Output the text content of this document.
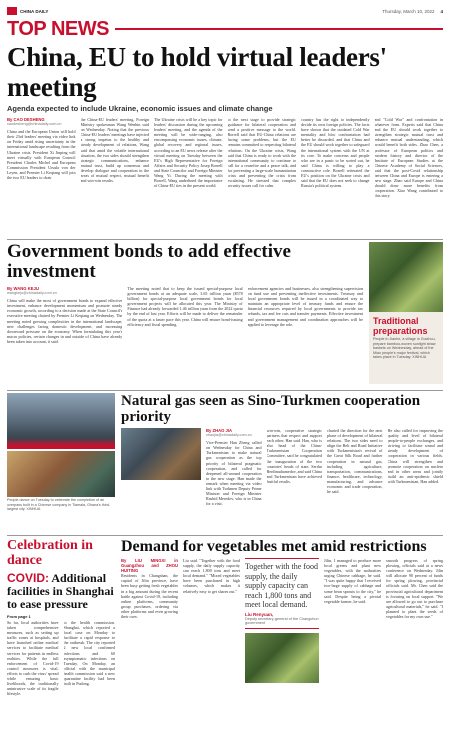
CHINA DAILY	Thursday, March 10, 2022 4
TOP NEWS
China, EU to hold virtual leaders' meeting
Agenda expected to include Ukraine, economic issues and climate change
By CAO DESHENG
caodesheng@chinadaily.com.cn
China and the European Union will hold their 23rd leaders' meeting via video link on Friday amid rising uncertainty in the international landscape resulting from the Ukraine crisis. President Xi Jinping will meet virtually with European Council President Charles Michel and European Commission President Ursula von der Leyen, and Premier Li Keqiang will join the two EU leaders to chair
the China-EU leaders' meeting, Foreign Ministry spokesman Wang Wenbin said on Wednesday. Noting that the previous China-EU leaders' meetings have injected a strong impetus to the healthy and steady development of relations, Wang said that amid the volatile international situation, the two sides should strengthen strategic communications, enhance mutual trust, build up consensus and develop dialogue and cooperation in the areas of mutual respect, mutual benefit and win-win results.
The Ukraine crisis will be a key topic for leaders' discussion during the upcoming leaders' meeting, and the agenda of the meeting will be wide-ranging, also encompassing economic issues, climate, global recovery and regional issues, according to an EU news release after the virtual meeting on Tuesday between the EU's High Representative for Foreign Affairs and Security Policy Josep Borrell and State Councilor and Foreign Minister Wang Yi. During the meeting with Borrell, Wang underlined the importance of China-EU ties in the present world.
to the next stage to provide strategic guidance for bilateral cooperation and send a positive message to the world. Borrell said that EU-China relations are facing some problems, but the EU remains committed to respecting bilateral relations. On the Ukraine crisis, Wang said that China is ready to work with the international community to continue to call for a ceasefire and a peace talk, and for preventing a large-scale humanitarian crisis and preventing the crisis from escalating. He stressed that complex security issues call for calm.
country has the right to independently decide its own foreign policies. The facts have shown that the outdated Cold War mentality and bloc confrontation had better be discarded, and that China and the EU should work together to safeguard the international system with the UN at its core. To make concerns and people who are in a panic to be sorted out, he said China is willing to play a constructive role. Borrell reiterated the EU's position on the Ukraine crisis and said that the EU does not seek to change Russia's political system.
and "Cold War" and confrontation in whatever form. Experts said that China and the EU should work together to strengthen strategic mutual trust and enhance mutual understanding, which would benefit both sides. Zhao Chen, a professor of European politics and modern history and director of the Institute of European Studies at the Chinese Academy of Social Sciences, said that the post-Covid relationship between China and Europe is entering a new stage. Zhao said Europe and China should draw more benefits from cooperation. Xiao Wang contributed to this story.
Government bonds to add effective investment
By WANG KEJU
wangkeju@chinadaily.com.cn
China will make the most of government bonds to expand effective investment, enhance development momentum and promote steady economic growth, according to a decision made at the State Council's executive meeting chaired by Premier Li Keqiang on Wednesday. The meeting noted growing complexities in the international landscape, new challenges facing domestic development, and increasing downward pressure on the economy. When formulating this year's macro policies, certain changes in and outside of China have already been taken into account, it said.
The meeting noted that to keep the issued special-purpose local government bonds at an adequate scale, 3.65 trillion yuan ($578 billion) for special-purpose local government bonds for local government projects will be allocated this year. The Ministry of Finance had already forwarded 1.46 trillion yuan from the 2022 quota by the end of last year. Efforts will be made to deliver the remainder of the quota at a faster pace this year. China will ensure bond-issuing efficiency and fiscal spending.
enforcement agencies and businesses, also strengthening supervision on fund use and preventing ineffective investments. Treasury and local government bonds will be issued in a coordinated way to maintain an appropriate level of treasury funds and ensure the financial resources required by local governments to provide tax refunds, tax and fee cuts and transfer payments. Effective investment and government management and coordination approaches will be applied to leverage the role.	Traditional preparations
People in Jianhe, a village in Guizhou, prepare bamboo-woven sunlight straw baskets on Wednesday, ahead of the Miao people's major festival, which takes place in Tuesday. XINHUA
People dance on Tuesday to celebrate the completion of an overpass built in a Chinese company in Tiamala, Ghana's third-largest city. XINHUA
Natural gas seen as Sino-Turkmen cooperation priority
By ZHAO JIA
zhaojia@chinadaily.com.cn
Vice-Premier Han Zheng called on Wednesday for China and Turkmenistan to make natural gas cooperation as the top priority of bilateral pragmatic cooperation, and called for deepened all-around cooperation to the new stage. Han made the remark when meeting via video link with Turkmen Deputy Prime Minister and Foreign Minister Rashid Meredov, who is in China for a visit.
win-win, cooperative strategic partners that respect and support each other, Han said. Han, who is also head of the China-Turkmenistan Cooperation Committee, said he congratulated the inauguration of the two countries' heads of state, Serdar Berdimuhamedov, and said China and Turkmenistan have achieved fruitful results.
charted the direction for the next phase of development of bilateral relations. The two sides need to align the Belt and Road Initiative with Turkmenistan's revival of the Great Silk Road and further cooperation in natural gas, including agriculture, transportation, communications, finance, healthcare, technology, manufacturing, and advance economic and trade cooperation, he said.
He also called for improving the quality and level of bilateral people-to-people exchanges, and striving to facilitate sound and steady development of cooperation in various fields. China will strengthen and promote cooperation on nuclear and in other areas and jointly build an anti-epidemic shield with Turkmenistan, Han added.
Celebration in dance
COVID: Additional facilities in Shanghai to ease pressure
From page 1
So far, local authorities have taken comprehensive measures, such as setting up traffic zones at hospitals, and have launched online medical services to facilitate medical services for patients in endless realities. While the full enforcement of Covid-19 control measures is vital, efforts to curb the virus' spread while ensuring basic livelihoods, the traditionally unintrusive scale of its fragile lifestyle.
to the health commission. Shanghai, which reported a local case on Monday to facilitate a rapid response to the outbreak. The city reported 2 new local confirmed infections and 60 asymptomatic infections on Tuesday. On Monday, an official with the municipal health commission said a new quarantine facility had been built in Pudong.
Demand for vegetables met amid restrictions
By LIU MINGXI in Guangzhou and ZHOU HUITING
Residents in Changshan, the capital of Jilin province, have been busy getting fresh vegetables in a big amount during the recent battle against Covid-19, including online platforms, community group purchases, ordering via other platforms and even growing their own.
Liu said. "Together with the food supply, the daily supply capacity can reach 1,800 tons and meet local demand." "Mixed vegetables have been purchased in high volumes, which makes it relatively easy to get shares out."
Together with the food supply, the daily supply capacity can reach 1,800 tons and meet local demand.
Liu Renyuan,
Deputy secretary-general of the Changchun government
Jilin, 1 managed to produce more local greens and plant new vegetables, with the authorities urging Chinese cabbage, he said. "I was quite happy that I received two-large supply of cabbage and some bean sprouts to the city," he said. Despite being a pivotal vegetable farmer, he said.
smooth progress of spring plowing, officials said at a news conference on Wednesday. Jilin will allocate 90 percent of funds for spring plowing, provincial officials said. Mr. Chen said the provincial agricultural department is focusing on local support. "We are allowed to go out to purchase agricultural materials," he said. "I planned to plant the seeds of vegetables for my own use."
